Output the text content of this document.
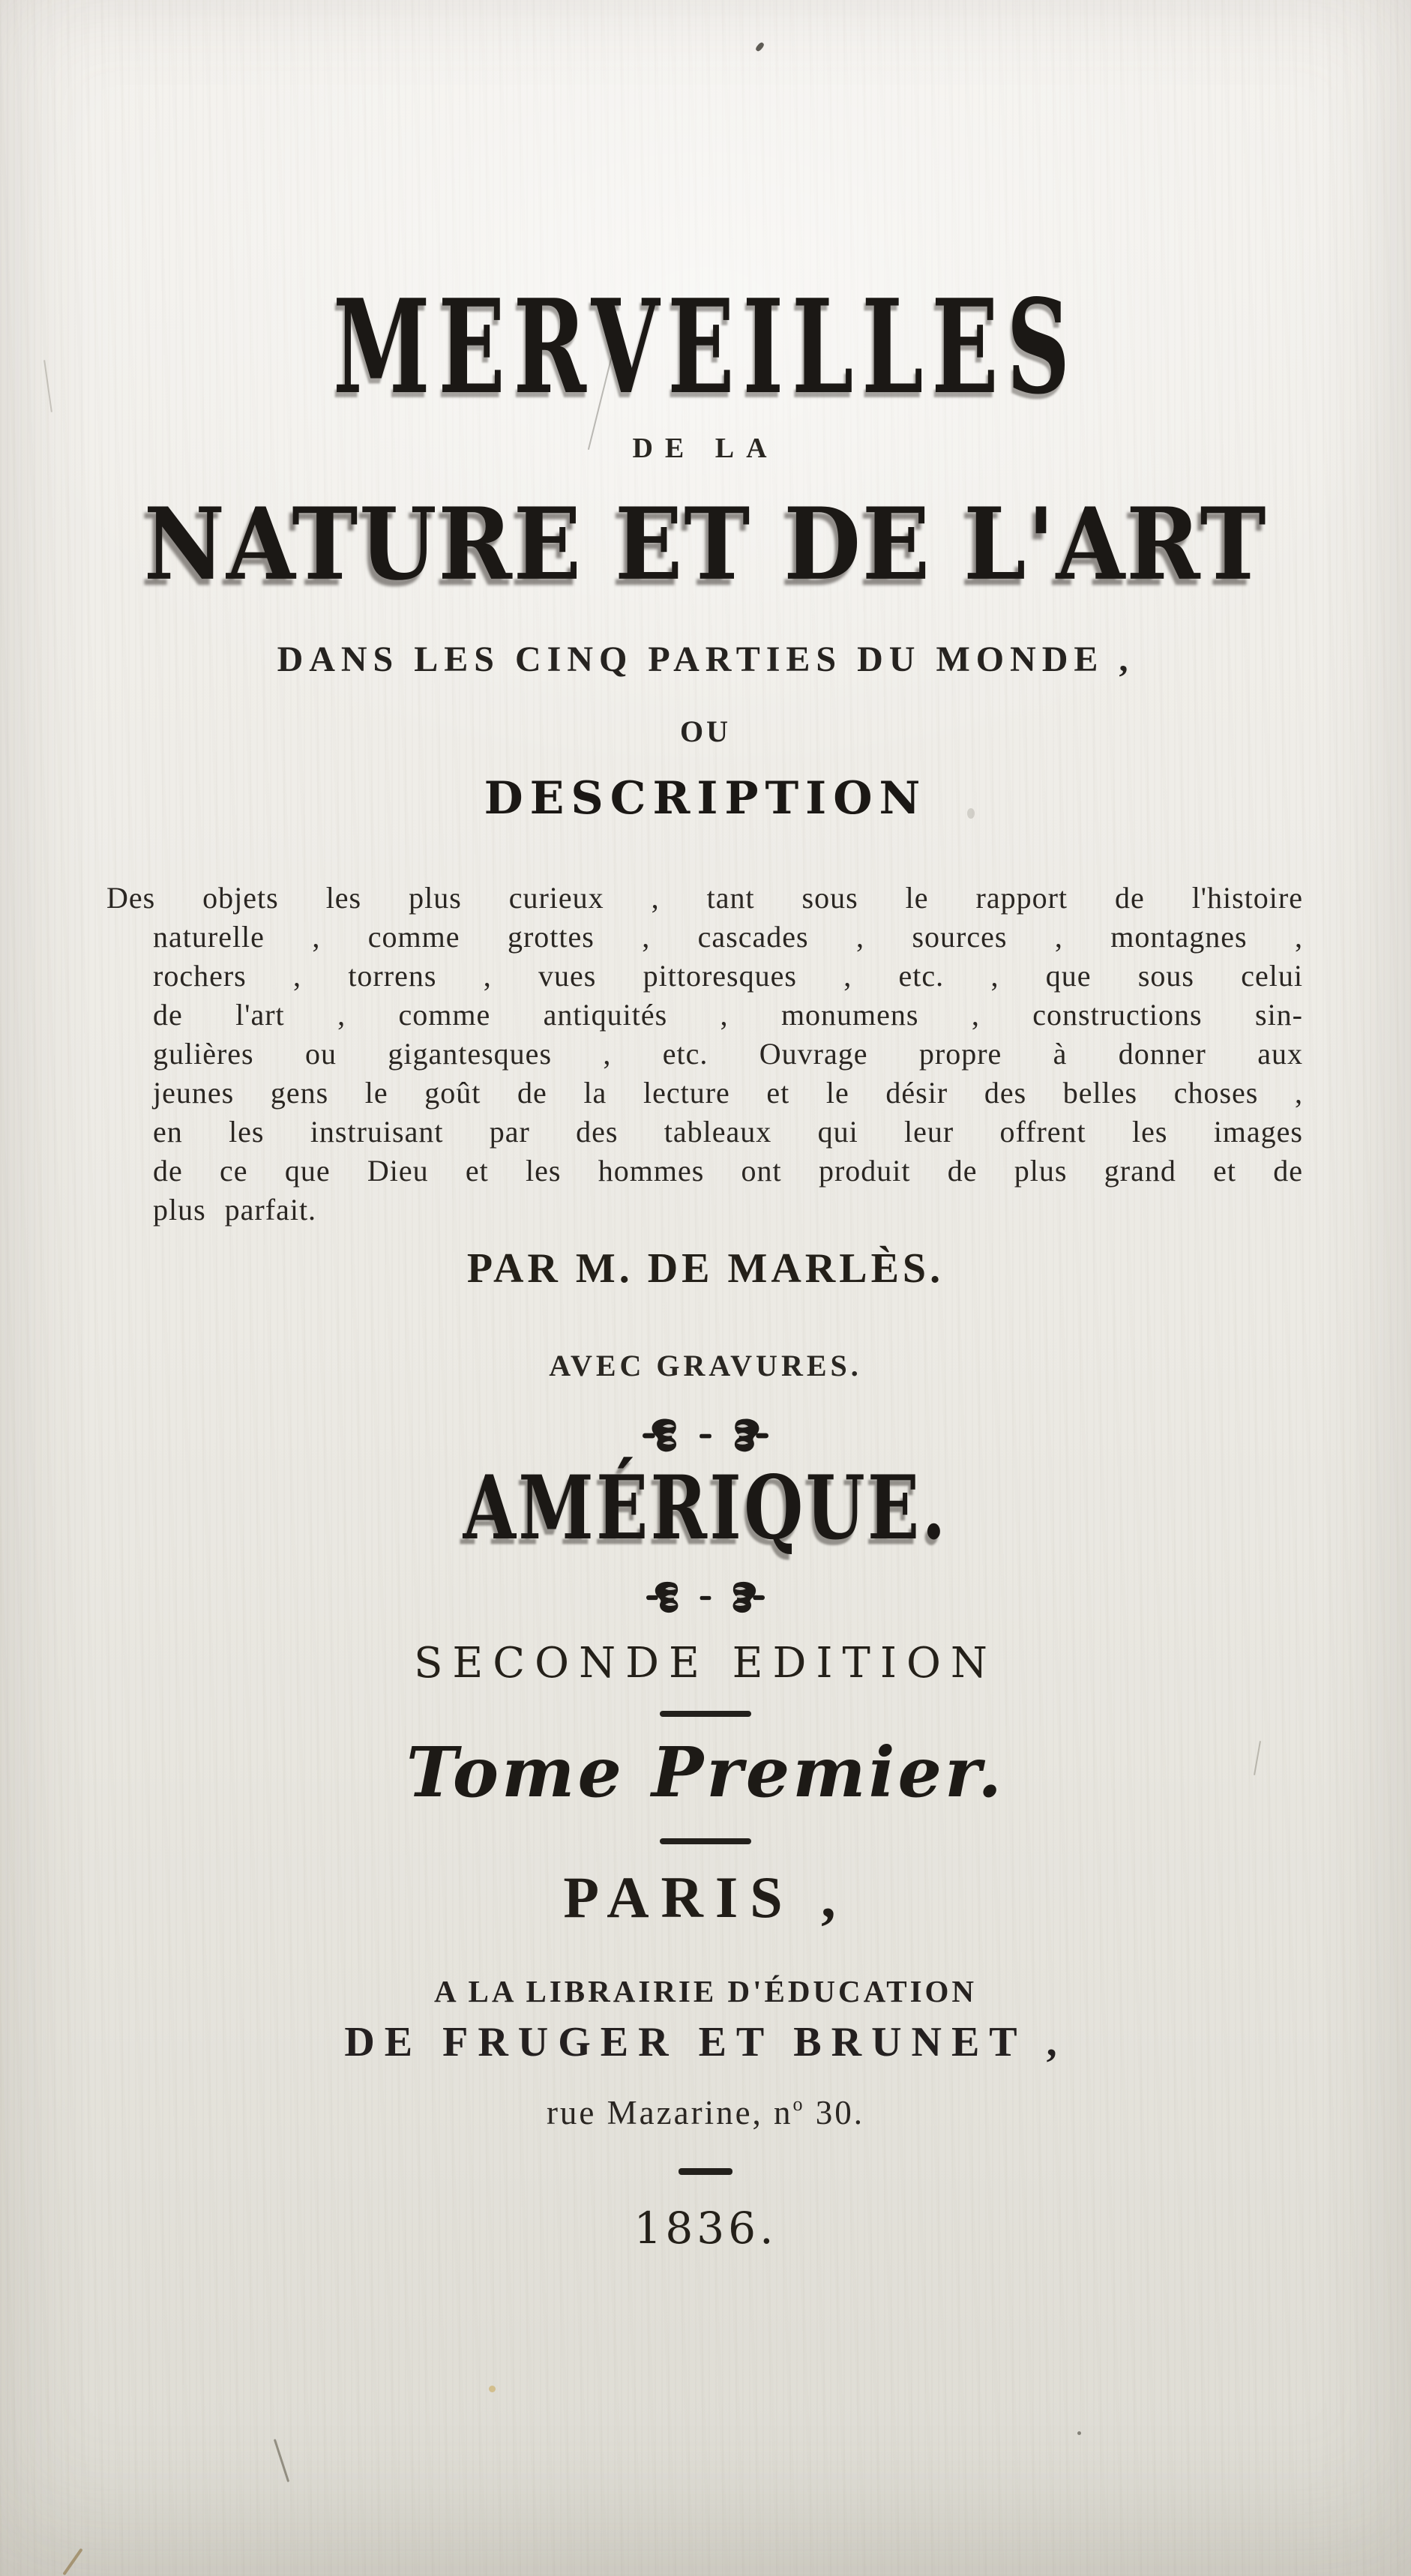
MERVEILLES
DE LA
NATURE ET DE L'ART
DANS LES CINQ PARTIES DU MONDE ,
OU
DESCRIPTION
Des objets les plus curieux , tant sous le rapport de l'histoire
naturelle , comme grottes , cascades , sources , montagnes ,
rochers , torrens , vues pittoresques , etc. , que sous celui
de l'art , comme antiquités , monumens , constructions sin-
gulières ou gigantesques , etc. Ouvrage propre à donner aux
jeunes gens le goût de la lecture et le désir des belles choses ,
en les instruisant par des tableaux qui leur offrent les images
de ce que Dieu et les hommes ont produit de plus grand et de
plus parfait.
PAR M. DE MARLÈS.
AVEC GRAVURES.
AMÉRIQUE.
SECONDE EDITION
Tome Premier.
PARIS ,
A LA LIBRAIRIE D'ÉDUCATION
DE FRUGER ET BRUNET ,
rue Mazarine, $n^o$ 30.
1836.
